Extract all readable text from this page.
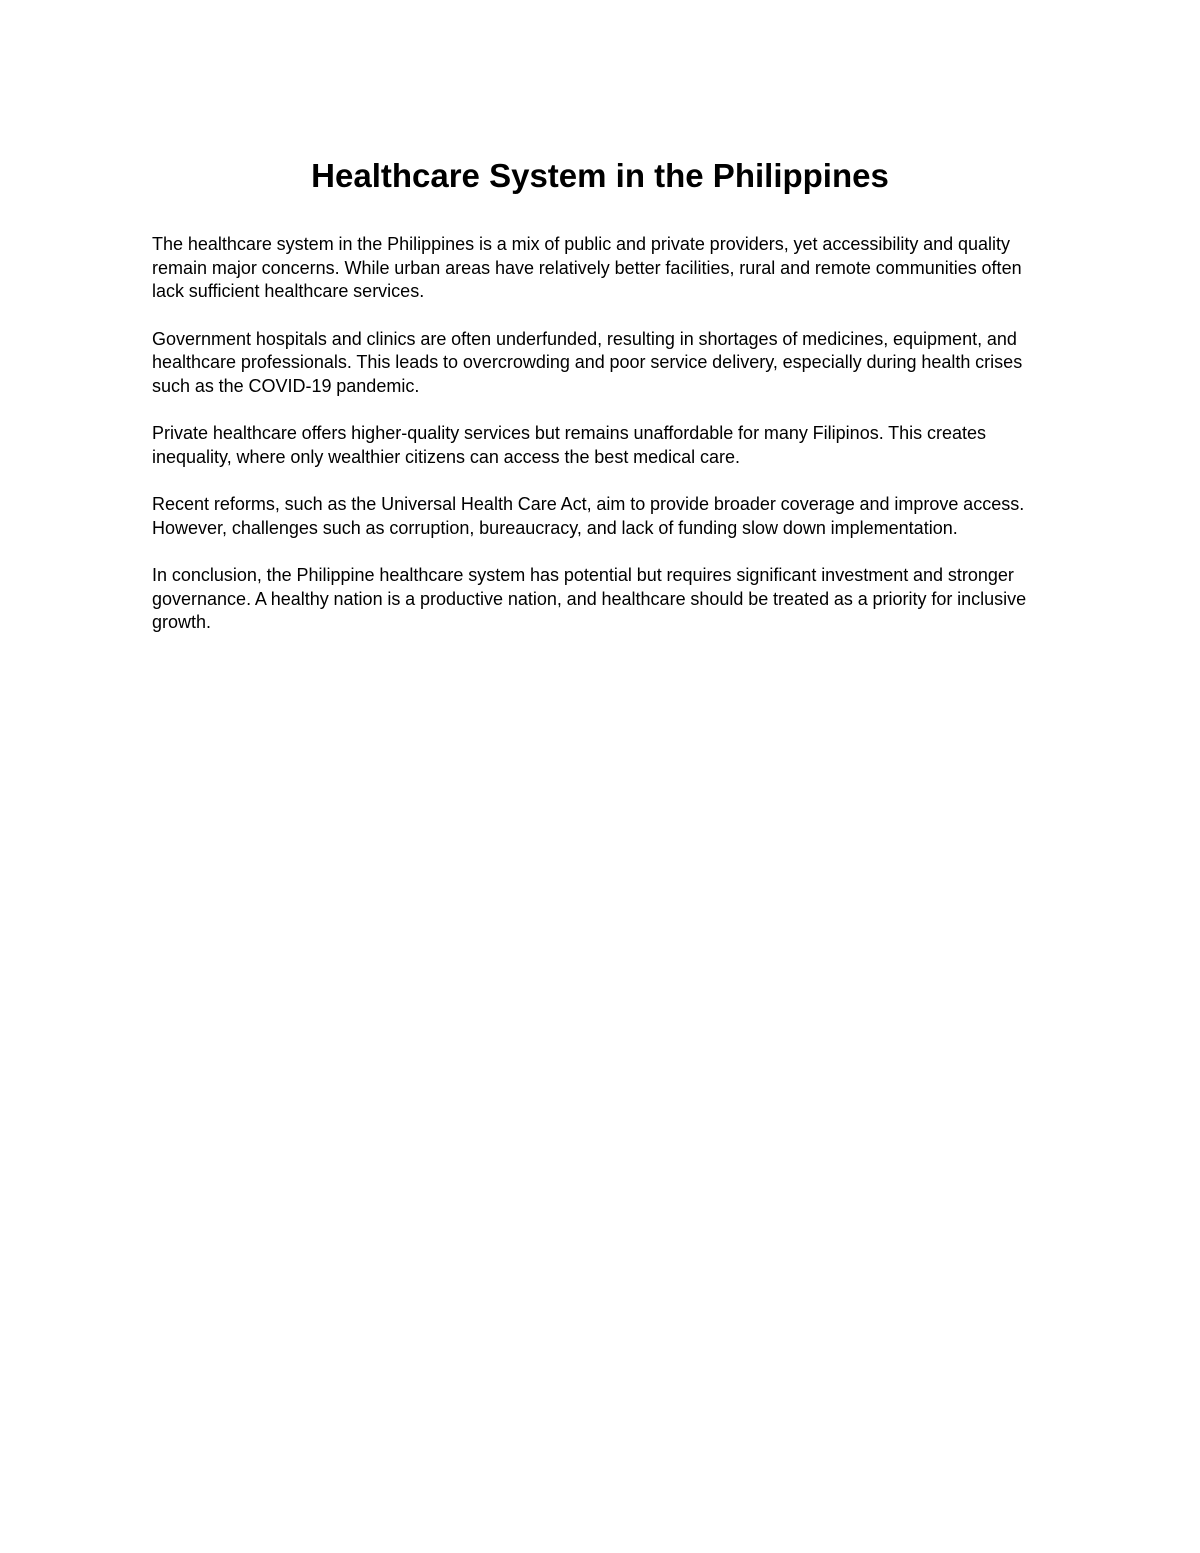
Healthcare System in the Philippines

The healthcare system in the Philippines is a mix of public and private providers, yet accessibility and quality remain major concerns. While urban areas have relatively better facilities, rural and remote communities often lack sufficient healthcare services.

Government hospitals and clinics are often underfunded, resulting in shortages of medicines, equipment, and healthcare professionals. This leads to overcrowding and poor service delivery, especially during health crises such as the COVID-19 pandemic.

Private healthcare offers higher-quality services but remains unaffordable for many Filipinos. This creates inequality, where only wealthier citizens can access the best medical care.

Recent reforms, such as the Universal Health Care Act, aim to provide broader coverage and improve access. However, challenges such as corruption, bureaucracy, and lack of funding slow down implementation.

In conclusion, the Philippine healthcare system has potential but requires significant investment and stronger governance. A healthy nation is a productive nation, and healthcare should be treated as a priority for inclusive growth.
